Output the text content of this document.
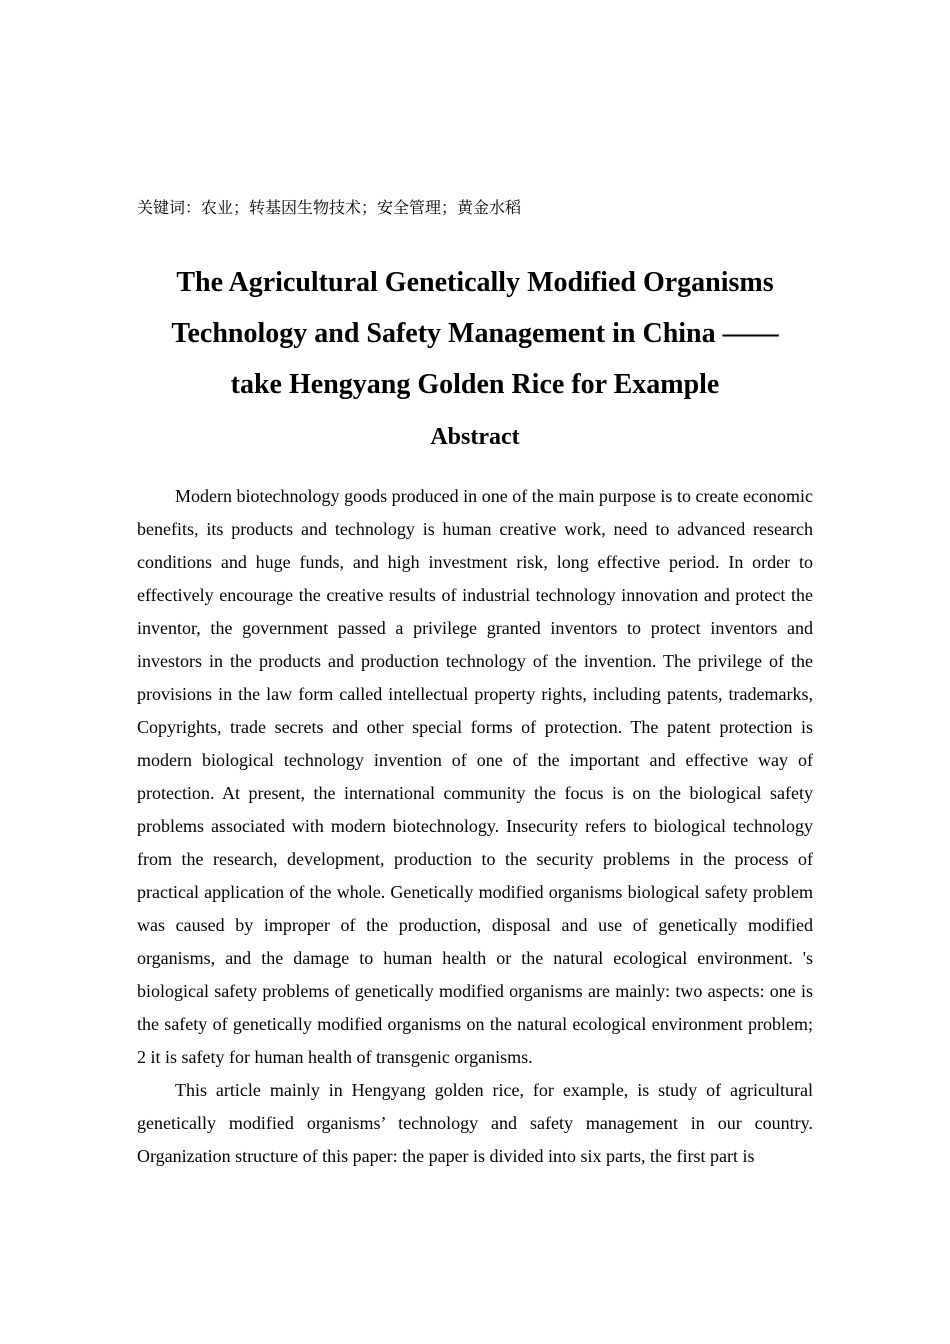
关键词：农业；转基因生物技术；安全管理；黄金水稻
The Agricultural Genetically Modified Organisms
Technology and Safety Management in China ——
take Hengyang Golden Rice for Example
Abstract

Modern biotechnology goods produced in one of the main purpose is to create economic benefits, its products and technology is human creative work, need to advanced research conditions and huge funds, and high investment risk, long effective period. In order to effectively encourage the creative results of industrial technology innovation and protect the inventor, the government passed a privilege granted inventors to protect inventors and investors in the products and production technology of the invention. The privilege of the provisions in the law form called intellectual property rights, including patents, trademarks, Copyrights, trade secrets and other special forms of protection. The patent protection is modern biological technology invention of one of the important and effective way of protection. At present, the international community the focus is on the biological safety problems associated with modern biotechnology. Insecurity refers to biological technology from the research, development, production to the security problems in the process of practical application of the whole. Genetically modified organisms biological safety problem was caused by improper of the production, disposal and use of genetically modified organisms, and the damage to human health or the natural ecological environment. 's biological safety problems of genetically modified organisms are mainly: two aspects: one is the safety of genetically modified organisms on the natural ecological environment problem; 2 it is safety for human health of transgenic organisms.

This article mainly in Hengyang golden rice, for example, is study of agricultural genetically modified organisms’ technology and safety management in our country. Organization structure of this paper: the paper is divided into six parts, the first part is
